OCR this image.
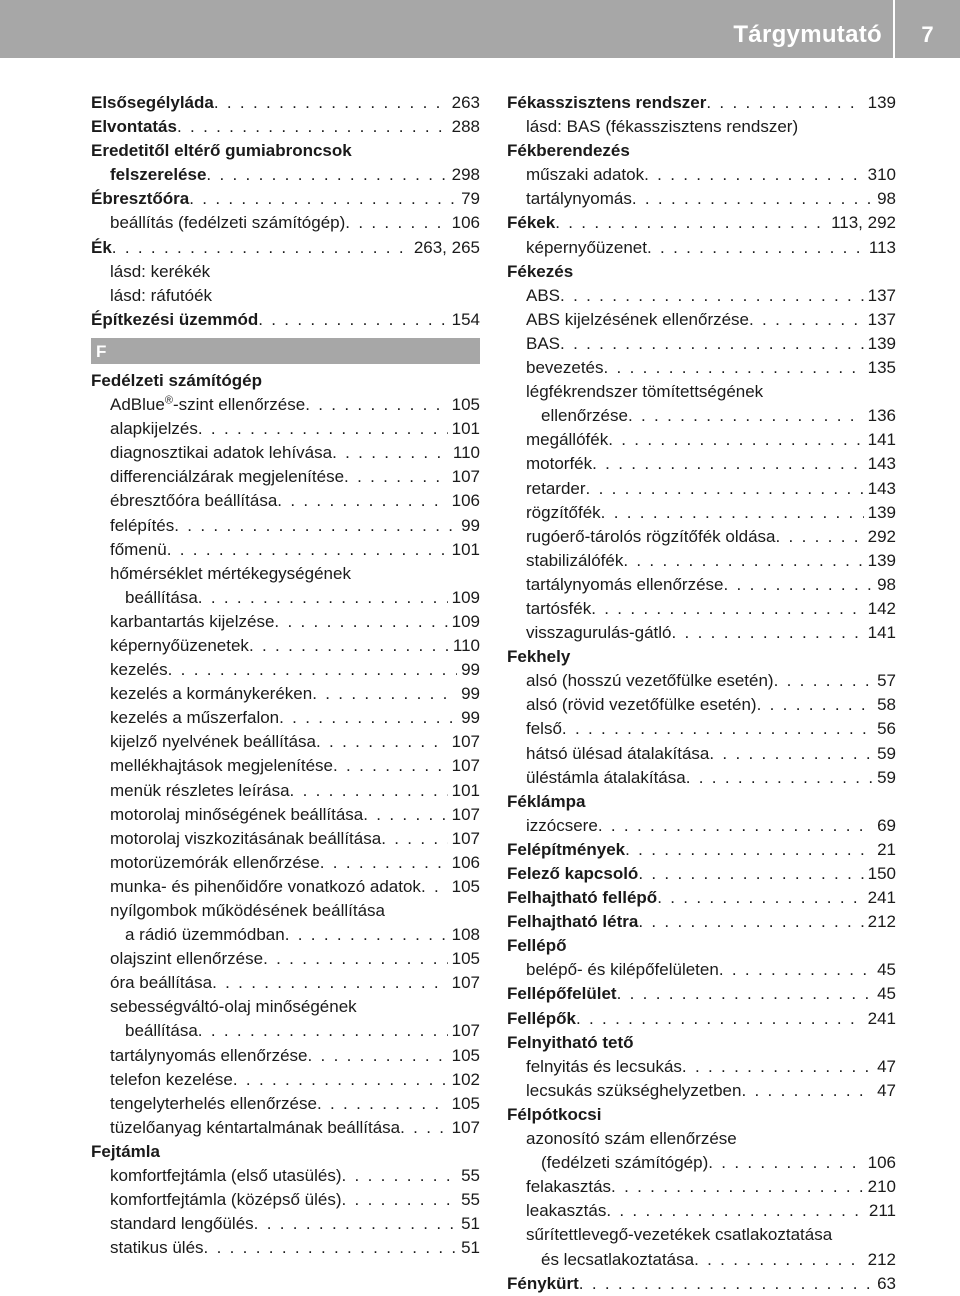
Tárgymutató	7
Elsősegélyláda . . .	263
Elvontatás . . .	288
Eredetitől eltérő gumiabroncsok
felszerelése . . .	298
Ébresztőóra . . .	79
beállítás (fedélzeti számítógép) . . .	106
Ék . . .	263, 265
lásd: kerékék
lásd: ráfutóék
Építkezési üzemmód . . .	154
F
Fedélzeti számítógép
AdBlue®-szint ellenőrzése . . .	105
alapkijelzés . . .	101
diagnosztikai adatok lehívása . . .	110
differenciálzárak megjelenítése . . .	107
ébresztőóra beállítása . . .	106
felépítés . . .	99
főmenü . . .	101
hőmérséklet mértékegységének
beállítása . . .	109
karbantartás kijelzése . . .	109
képernyőüzenetek . . .	110
kezelés . . .	99
kezelés a kormánykeréken . . .	99
kezelés a műszerfalon . . .	99
kijelző nyelvének beállítása . . .	107
mellékhajtások megjelenítése . . .	107
menük részletes leírása . . .	101
motorolaj minőségének beállítása . . .	107
motorolaj viszkozitásának beállítása . . .	107
motorüzemórák ellenőrzése . . .	106
munka- és pihenőidőre vonatkozó adatok . . . 105
nyílgombok működésének beállítása
a rádió üzemmódban . . .	108
olajszint ellenőrzése . . .	105
óra beállítása . . .	107
sebességváltó-olaj minőségének
beállítása . . .	107
tartálynyomás ellenőrzése . . .	105
telefon kezelése . . .	102
tengelyterhelés ellenőrzése . . .	105
tüzelőanyag kéntartalmának beállítása . . .	107
Fejtámla
komfortfejtámla (első utasülés) . . .	55
komfortfejtámla (középső ülés) . . .	55
standard lengőülés . . .	51
statikus ülés . . .	51
Fékasszisztens rendszer . . .	139
lásd: BAS (fékasszisztens rendszer)
Fékberendezés
műszaki adatok . . .	310
tartálynyomás . . .	98
Fékek . . .	113, 292
képernyőüzenet . . .	113
Fékezés
ABS . . .	137
ABS kijelzésének ellenőrzése . . .	137
BAS . . .	139
bevezetés . . .	135
légfékrendszer tömítettségének
ellenőrzése . . .	136
megállófék . . .	141
motorfék . . .	143
retarder . . .	143
rögzítőfék . . .	139
rugóerő-tárolós rögzítőfék oldása . . .	292
stabilizálófék . . .	139
tartálynyomás ellenőrzése . . .	98
tartósfék . . .	142
visszagurulás-gátló . . .	141
Fekhely
alsó (hosszú vezetőfülke esetén) . . .	57
alsó (rövid vezetőfülke esetén) . . .	58
felső . . .	56
hátsó ülésad átalakítása . . .	59
üléstámla átalakítása . . .	59
Féklámpa
izzócsere . . .	69
Felépítmények . . .	21
Felező kapcsoló . . .	150
Felhajtható fellépő . . .	241
Felhajtható létra . . .	212
Fellépő
belépő- és kilépőfelületen . . .	45
Fellépőfelület . . .	45
Fellépők . . .	241
Felnyitható tető
felnyitás és lecsukás . . .	47
lecsukás szükséghelyzetben . . .	47
Félpótkocsi
azonosító szám ellenőrzése
(fedélzeti számítógép) . . .	106
felakasztás . . .	210
leakasztás . . .	211
sűrítettlevegő-vezetékek csatlakoztatása
és lecsatlakoztatása . . .	212
Fénykürt . . .	63
